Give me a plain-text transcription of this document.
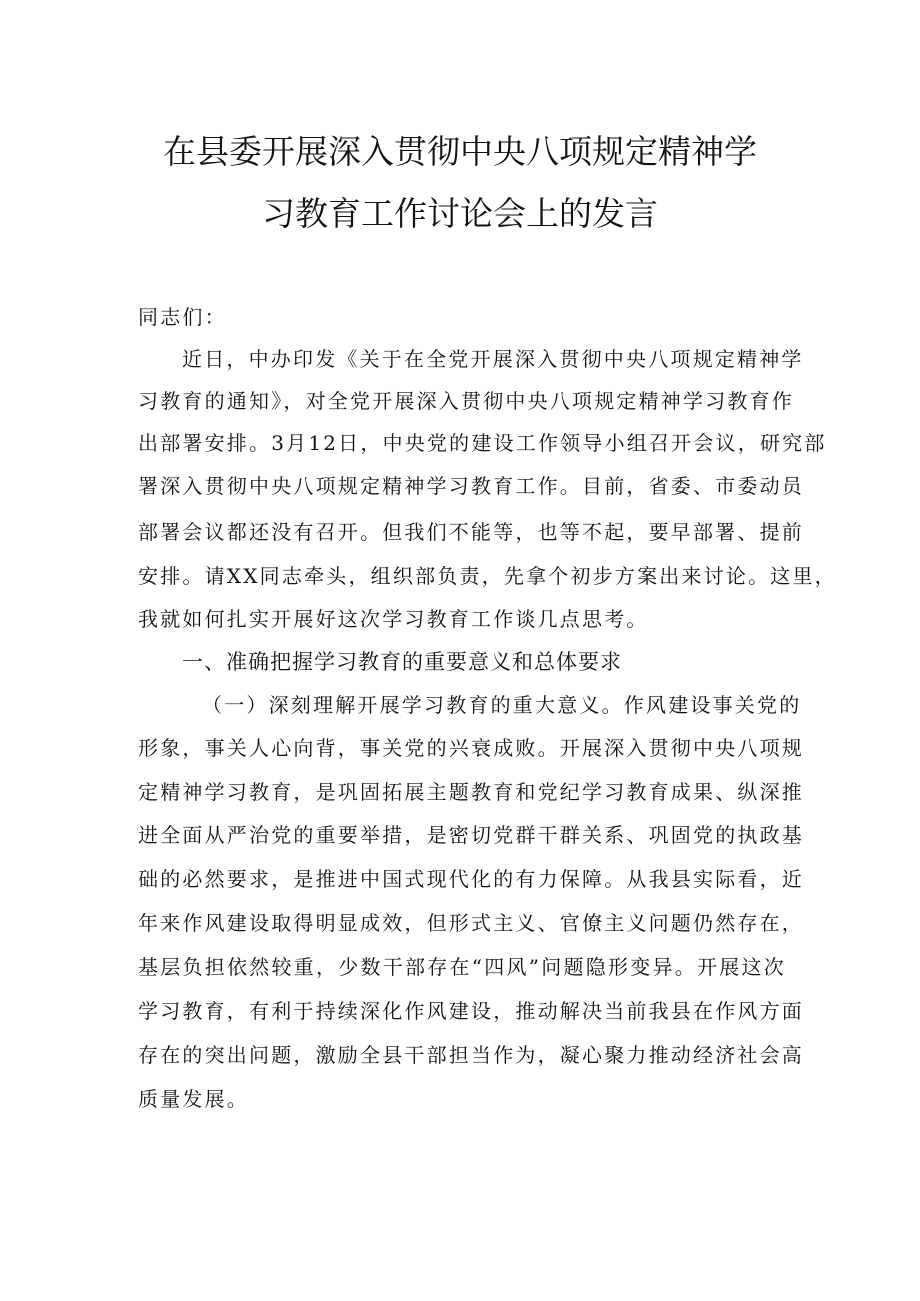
在县委开展深入贯彻中央八项规定精神学
习教育工作讨论会上的发言
同志们：
近日，中办印发《关于在全党开展深入贯彻中央八项规定精神学
习教育的通知》，对全党开展深入贯彻中央八项规定精神学习教育作
出部署安排。3月12日，中央党的建设工作领导小组召开会议，研究部
署深入贯彻中央八项规定精神学习教育工作。目前，省委、市委动员
部署会议都还没有召开。但我们不能等，也等不起，要早部署、提前
安排。请XX同志牵头，组织部负责，先拿个初步方案出来讨论。这里，
我就如何扎实开展好这次学习教育工作谈几点思考。
一、准确把握学习教育的重要意义和总体要求
（一）深刻理解开展学习教育的重大意义。作风建设事关党的
形象，事关人心向背，事关党的兴衰成败。开展深入贯彻中央八项规
定精神学习教育，是巩固拓展主题教育和党纪学习教育成果、纵深推
进全面从严治党的重要举措，是密切党群干群关系、巩固党的执政基
础的必然要求，是推进中国式现代化的有力保障。从我县实际看，近
年来作风建设取得明显成效，但形式主义、官僚主义问题仍然存在，
基层负担依然较重，少数干部存在“四风”问题隐形变异。开展这次
学习教育，有利于持续深化作风建设，推动解决当前我县在作风方面
存在的突出问题，激励全县干部担当作为，凝心聚力推动经济社会高
质量发展。
